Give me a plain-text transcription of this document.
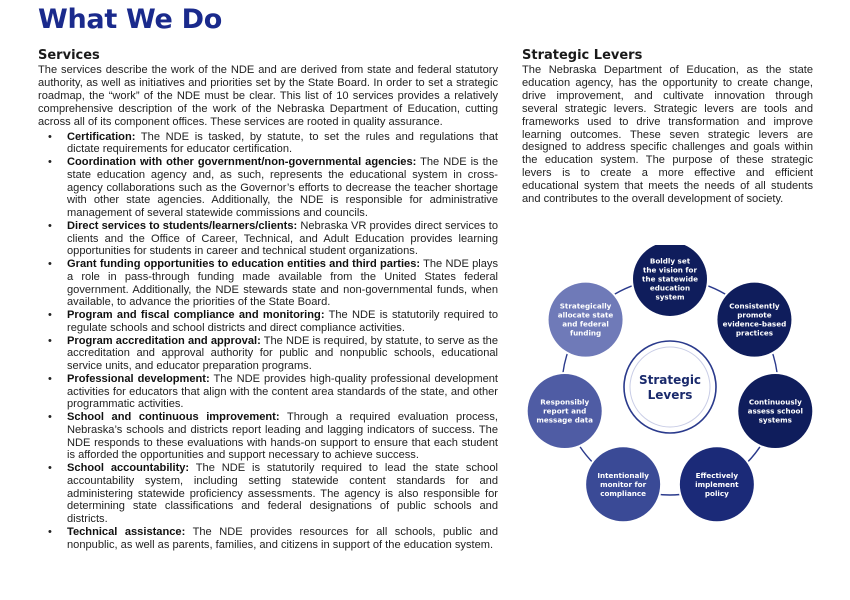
What We Do
Services

The services describe the work of the NDE and are derived from state and federal statutory authority, as well as initiatives and priorities set by the State Board. In order to set a strategic roadmap, the “work” of the NDE must be clear. This list of 10 services provides a relatively comprehensive description of the work of the Nebraska Department of Education, cutting across all of its component offices. These services are rooted in quality assurance.

• Certification: The NDE is tasked, by statute, to set the rules and regulations that dictate requirements for educator certification.
• Coordination with other government/non-governmental agencies: The NDE is the state education agency and, as such, represents the educational system in cross-agency collaborations such as the Governor’s efforts to decrease the teacher shortage with other state agencies. Additionally, the NDE is responsible for administrative management of several statewide commissions and councils.
• Direct services to students/learners/clients: Nebraska VR provides direct services to clients and the Office of Career, Technical, and Adult Education provides learning opportunities for students in career and technical student organizations.
• Grant funding opportunities to education entities and third parties: The NDE plays a role in pass-through funding made available from the United States federal government. Additionally, the NDE stewards state and non-governmental funds, when available, to advance the priorities of the State Board.
• Program and fiscal compliance and monitoring: The NDE is statutorily required to regulate schools and school districts and direct compliance activities.
• Program accreditation and approval: The NDE is required, by statute, to serve as the accreditation and approval authority for public and nonpublic schools, educational service units, and educator preparation programs.
• Professional development: The NDE provides high-quality professional development activities for educators that align with the content area standards of the state, and other programmatic activities.
• School and continuous improvement: Through a required evaluation process, Nebraska’s schools and districts report leading and lagging indicators of success. The NDE responds to these evaluations with hands-on support to ensure that each student is afforded the opportunities and support necessary to achieve success.
• School accountability: The NDE is statutorily required to lead the state school accountability system, including setting statewide content standards for and administering statewide proficiency assessments. The agency is also responsible for determining state classifications and federal designations of public schools and districts.
• Technical assistance: The NDE provides resources for all schools, public and nonpublic, as well as parents, families, and citizens in support of the education system.
Strategic Levers

The Nebraska Department of Education, as the state education agency, has the opportunity to create change, drive improvement, and cultivate innovation through several strategic levers. Strategic levers are tools and frameworks used to drive transformation and improve learning outcomes. These seven strategic levers are designed to address specific challenges and goals within the education system. The purpose of these strategic levers is to create a more effective and efficient educational system that meets the needs of all students and contributes to the overall development of society.

Strategic
Levers
Boldly set
the vision for
the statewide
education
system
Consistently
promote
evidence-based
practices
Continuously
assess school
systems
Effectively
implement
policy
Intentionally
monitor for
compliance
Responsibly
report and
message data
Strategically
allocate state
and federal
funding
